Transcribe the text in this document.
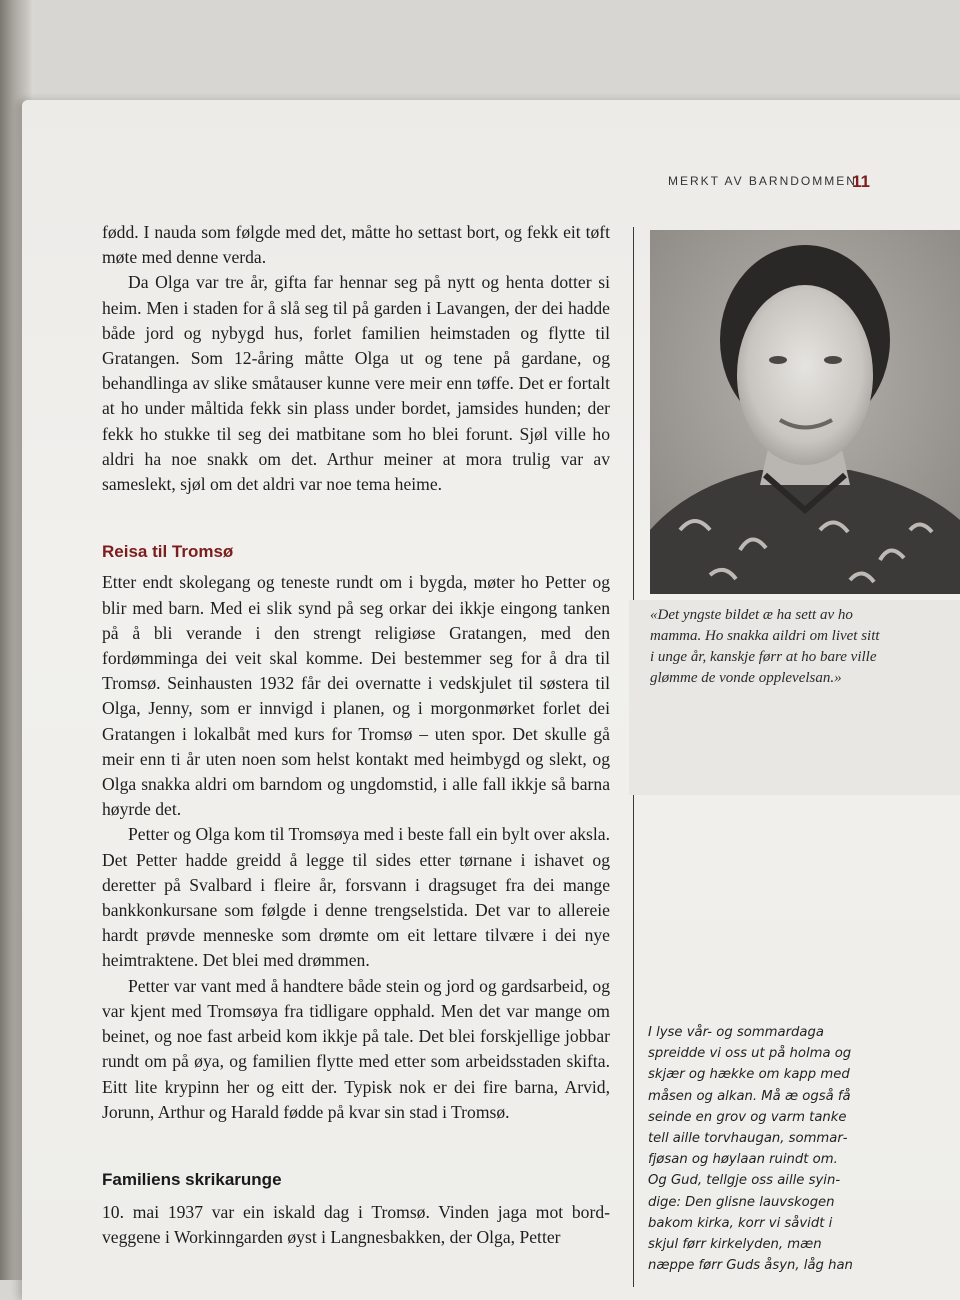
MERKT AV BARNDOMMEN
11

fødd. I nauda som følgde med det, måtte ho settast bort, og fekk eit tøft møte med denne verda.

Da Olga var tre år, gifta far hennar seg på nytt og henta dotter si heim. Men i staden for å slå seg til på garden i Lavangen, der dei hadde både jord og nybygd hus, forlet familien heimstaden og flytte til Gratangen. Som 12-åring måtte Olga ut og tene på gardane, og behandlinga av slike småtauser kunne vere meir enn tøffe. Det er fortalt at ho under måltida fekk sin plass under bordet, jamsides hunden; der fekk ho stukke til seg dei matbitane som ho blei forunt. Sjøl ville ho aldri ha noe snakk om det. Arthur meiner at mora trulig var av sameslekt, sjøl om det aldri var noe tema heime.

Reisa til Tromsø

Etter endt skolegang og teneste rundt om i bygda, møter ho Petter og blir med barn. Med ei slik synd på seg orkar dei ikkje eingong tanken på å bli verande i den strengt religiøse Gratangen, med den fordømminga dei veit skal komme. Dei bestemmer seg for å dra til Tromsø. Seinhausten 1932 får dei overnatte i vedskjulet til søstera til Olga, Jenny, som er innvigd i planen, og i morgonmørket forlet dei Gratangen i lokalbåt med kurs for Tromsø – uten spor. Det skulle gå meir enn ti år uten noen som helst kontakt med heimbygd og slekt, og Olga snakka aldri om barndom og ungdomstid, i alle fall ikkje så barna høyrde det.

Petter og Olga kom til Tromsøya med i beste fall ein bylt over aksla. Det Petter hadde greidd å legge til sides etter tørnane i ishavet og deretter på Svalbard i fleire år, forsvann i dragsuget fra dei mange bankkonkursane som følgde i denne trengselstida. Det var to allereie hardt prøvde menneske som drømte om eit lettare tilvære i dei nye heimtraktene. Det blei med drømmen.

Petter var vant med å handtere både stein og jord og gardsarbeid, og var kjent med Tromsøya fra tidligare opphald. Men det var mange om beinet, og noe fast arbeid kom ikkje på tale. Det blei forskjellige jobbar rundt om på øya, og familien flytte med etter som arbeidsstaden skifta. Eitt lite krypinn her og eitt der. Typisk nok er dei fire barna, Arvid, Jorunn, Arthur og Harald fødde på kvar sin stad i Tromsø.

Familiens skrikarunge

10. mai 1937 var ein iskald dag i Tromsø. Vinden jaga mot bordveggene i Workinngarden øyst i Langnesbakken, der Olga, Petter

«Det yngste bildet æ ha sett av ho mamma. Ho snakka aildri om livet sitt i unge år, kanskje førr at ho bare ville glømme de vonde opplevelsan.»
I lyse vår- og sommardaga spreidde vi oss ut på holma og skjær og hække om kapp med måsen og alkan. Må æ også få seinde en grov og varm tanke tell aille torvhaugan, sommarfjøsan og høylaan ruindt om. Og Gud, tellgje oss aille syindige: Den glisne lauvskogen bakom kirka, korr vi såvidt i skjul førr kirkelyden, mæn næppe førr Guds åsyn, låg han
